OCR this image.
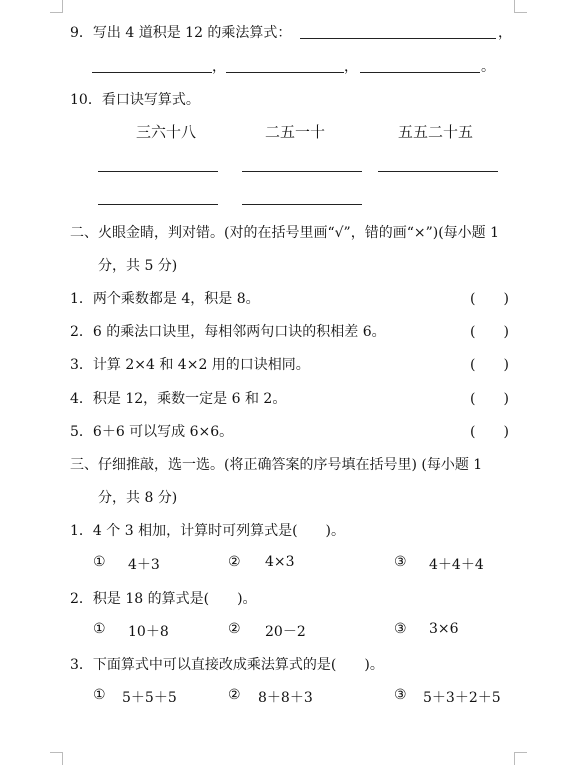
9．写出 4 道积是 12 的乘法算式：	，
，	，	。
10．看口诀写算式。
三六十八	二五一十	五五二十五
二、火眼金睛，判对错。(对的在括号里画“√”，错的画“×”)(每小题 1
分，共 5 分)
1．两个乘数都是 4，积是 8。	(　　)
2．6 的乘法口诀里，每相邻两句口诀的积相差 6。	(　　)
3．计算 2×4 和 4×2 用的口诀相同。	(　　)
4．积是 12，乘数一定是 6 和 2。	(　　)
5．6＋6 可以写成 6×6。	(　　)
三、仔细推敲，选一选。(将正确答案的序号填在括号里) (每小题 1
分，共 8 分)
1．4 个 3 相加，计算时可列算式是(　　)。
① 4＋3	② 4×3	③ 4＋4＋4
2．积是 18 的算式是(　　)。
① 10＋8	② 20－2	③ 3×6
3．下面算式中可以直接改成乘法算式的是(　　)。
① 5＋5＋5	② 8＋8＋3	③ 5＋3＋2＋5
